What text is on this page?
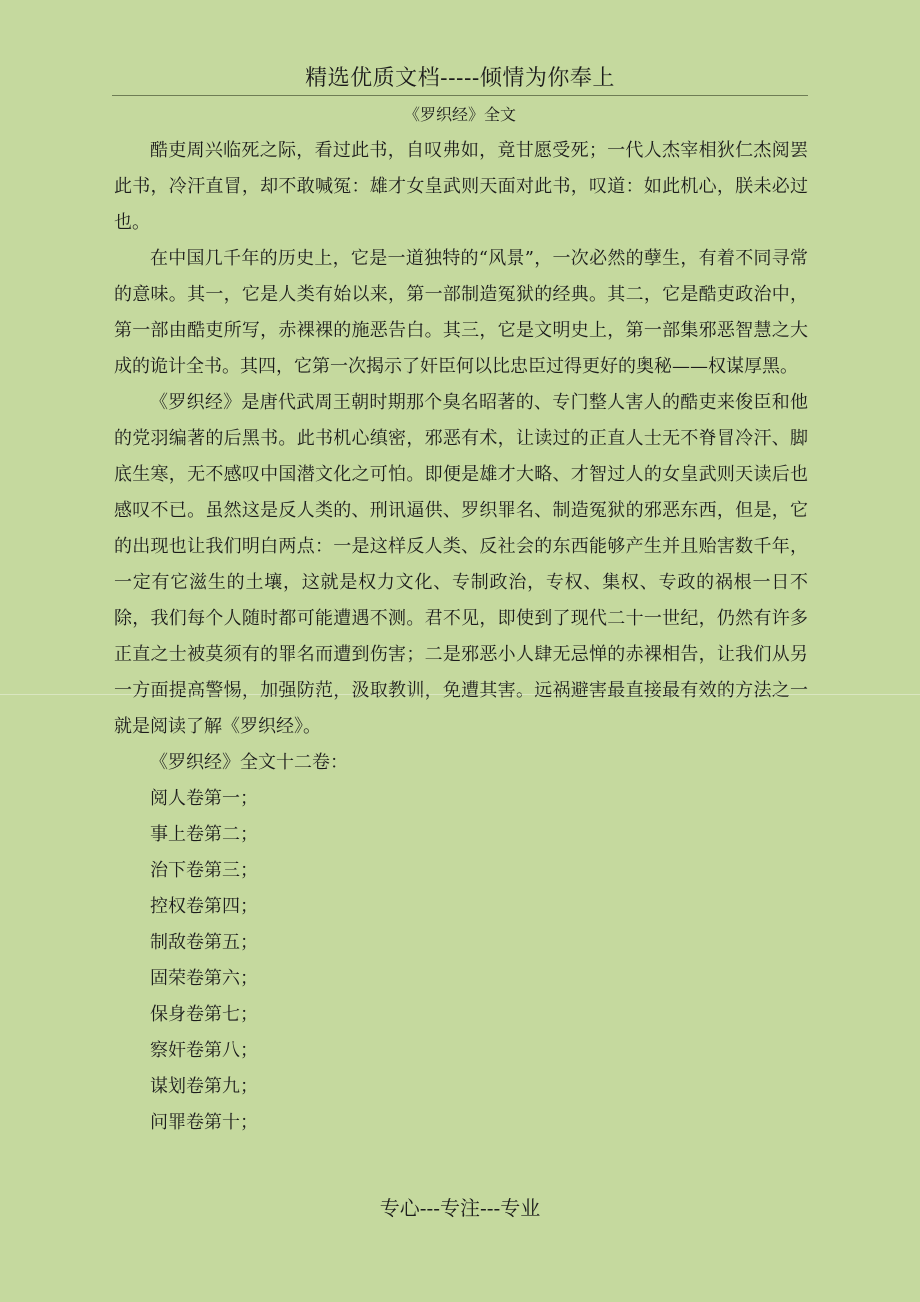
精选优质文档-----倾情为你奉上
《罗织经》全文

酷吏周兴临死之际，看过此书，自叹弗如，竟甘愿受死；一代人杰宰相狄仁杰阅罢此书，冷汗直冒，却不敢喊冤：雄才女皇武则天面对此书，叹道：如此机心，朕未必过也。

在中国几千年的历史上，它是一道独特的“风景”，一次必然的孽生，有着不同寻常的意味。其一，它是人类有始以来，第一部制造冤狱的经典。其二，它是酷吏政治中，第一部由酷吏所写，赤裸裸的施恶告白。其三，它是文明史上，第一部集邪恶智慧之大成的诡计全书。其四，它第一次揭示了奸臣何以比忠臣过得更好的奥秘——权谋厚黑。

《罗织经》是唐代武周王朝时期那个臭名昭著的、专门整人害人的酷吏来俊臣和他的党羽编著的后黑书。此书机心缜密，邪恶有术，让读过的正直人士无不脊冒冷汗、脚底生寒，无不感叹中国潜文化之可怕。即便是雄才大略、才智过人的女皇武则天读后也感叹不已。虽然这是反人类的、刑讯逼供、罗织罪名、制造冤狱的邪恶东西，但是，它的出现也让我们明白两点：一是这样反人类、反社会的东西能够产生并且贻害数千年，一定有它滋生的土壤，这就是权力文化、专制政治，专权、集权、专政的祸根一日不除，我们每个人随时都可能遭遇不测。君不见，即使到了现代二十一世纪，仍然有许多正直之士被莫须有的罪名而遭到伤害；二是邪恶小人肆无忌惮的赤裸相告，让我们从另一方面提高警惕，加强防范，汲取教训，免遭其害。远祸避害最直接最有效的方法之一就是阅读了解《罗织经》。

《罗织经》全文十二卷：

阅人卷第一；

事上卷第二；

治下卷第三；

控权卷第四；

制敌卷第五；

固荣卷第六；

保身卷第七；

察奸卷第八；

谋划卷第九；

问罪卷第十；

专心---专注---专业
